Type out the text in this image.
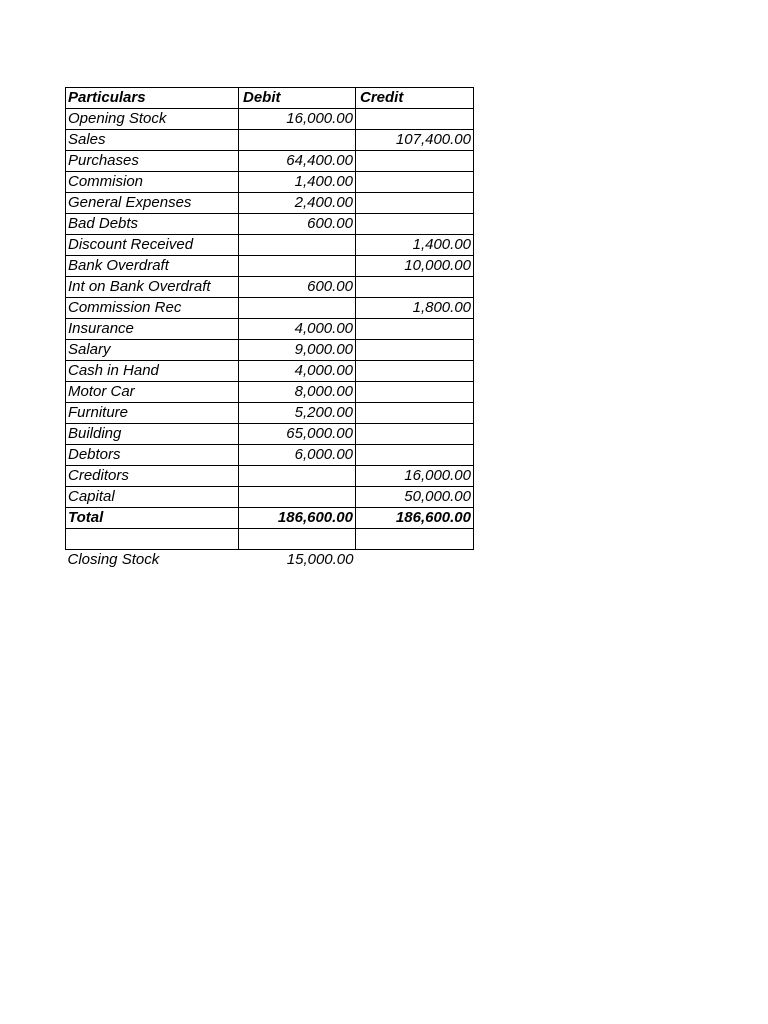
Particulars	Debit	Credit
Opening Stock	16,000.00	
Sales		107,400.00
Purchases	64,400.00	
Commision	1,400.00	
General Expenses	2,400.00	
Bad Debts	600.00	
Discount Received		1,400.00
Bank Overdraft		10,000.00
Int on Bank Overdraft	600.00	
Commission Rec		1,800.00
Insurance	4,000.00	
Salary	9,000.00	
Cash in Hand	4,000.00	
Motor Car	8,000.00	
Furniture	5,200.00	
Building	65,000.00	
Debtors	6,000.00	
Creditors		16,000.00
Capital		50,000.00
Total	186,600.00	186,600.00

Closing Stock	15,000.00	
